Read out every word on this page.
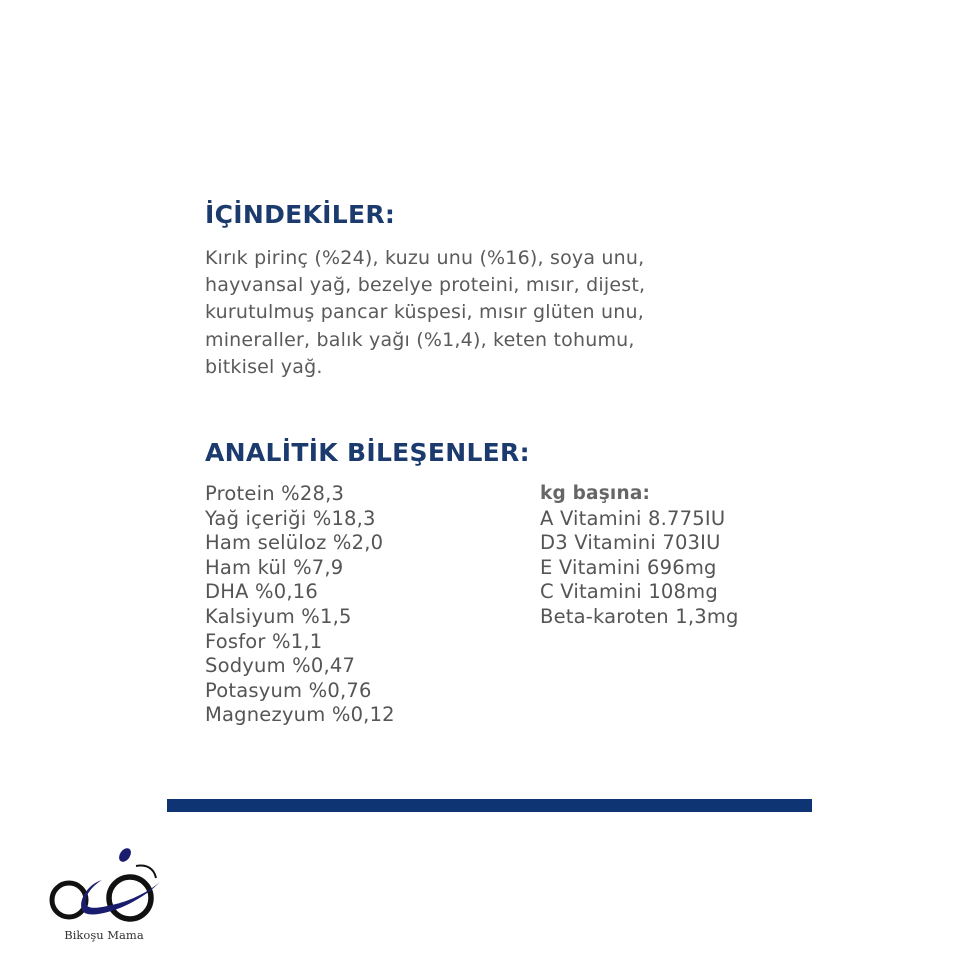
İÇİNDEKİLER:

Kırık pirinç (%24), kuzu unu (%16), soya unu,
hayvansal yağ, bezelye proteini, mısır, dijest,
kurutulmuş pancar küspesi, mısır glüten unu,
mineraller, balık yağı (%1,4), keten tohumu,
bitkisel yağ.

ANALİTİK BİLEŞENLER:
Protein %28,3
Yağ içeriği %18,3
Ham selüloz %2,0
Ham kül %7,9
DHA %0,16
Kalsiyum %1,5
Fosfor %1,1
Sodyum %0,47
Potasyum %0,76
Magnezyum %0,12
kg başına:
A Vitamini 8.775IU
D3 Vitamini 703IU
E Vitamini 696mg
C Vitamini 108mg
Beta-karoten 1,3mg
Bikoşu Mama
